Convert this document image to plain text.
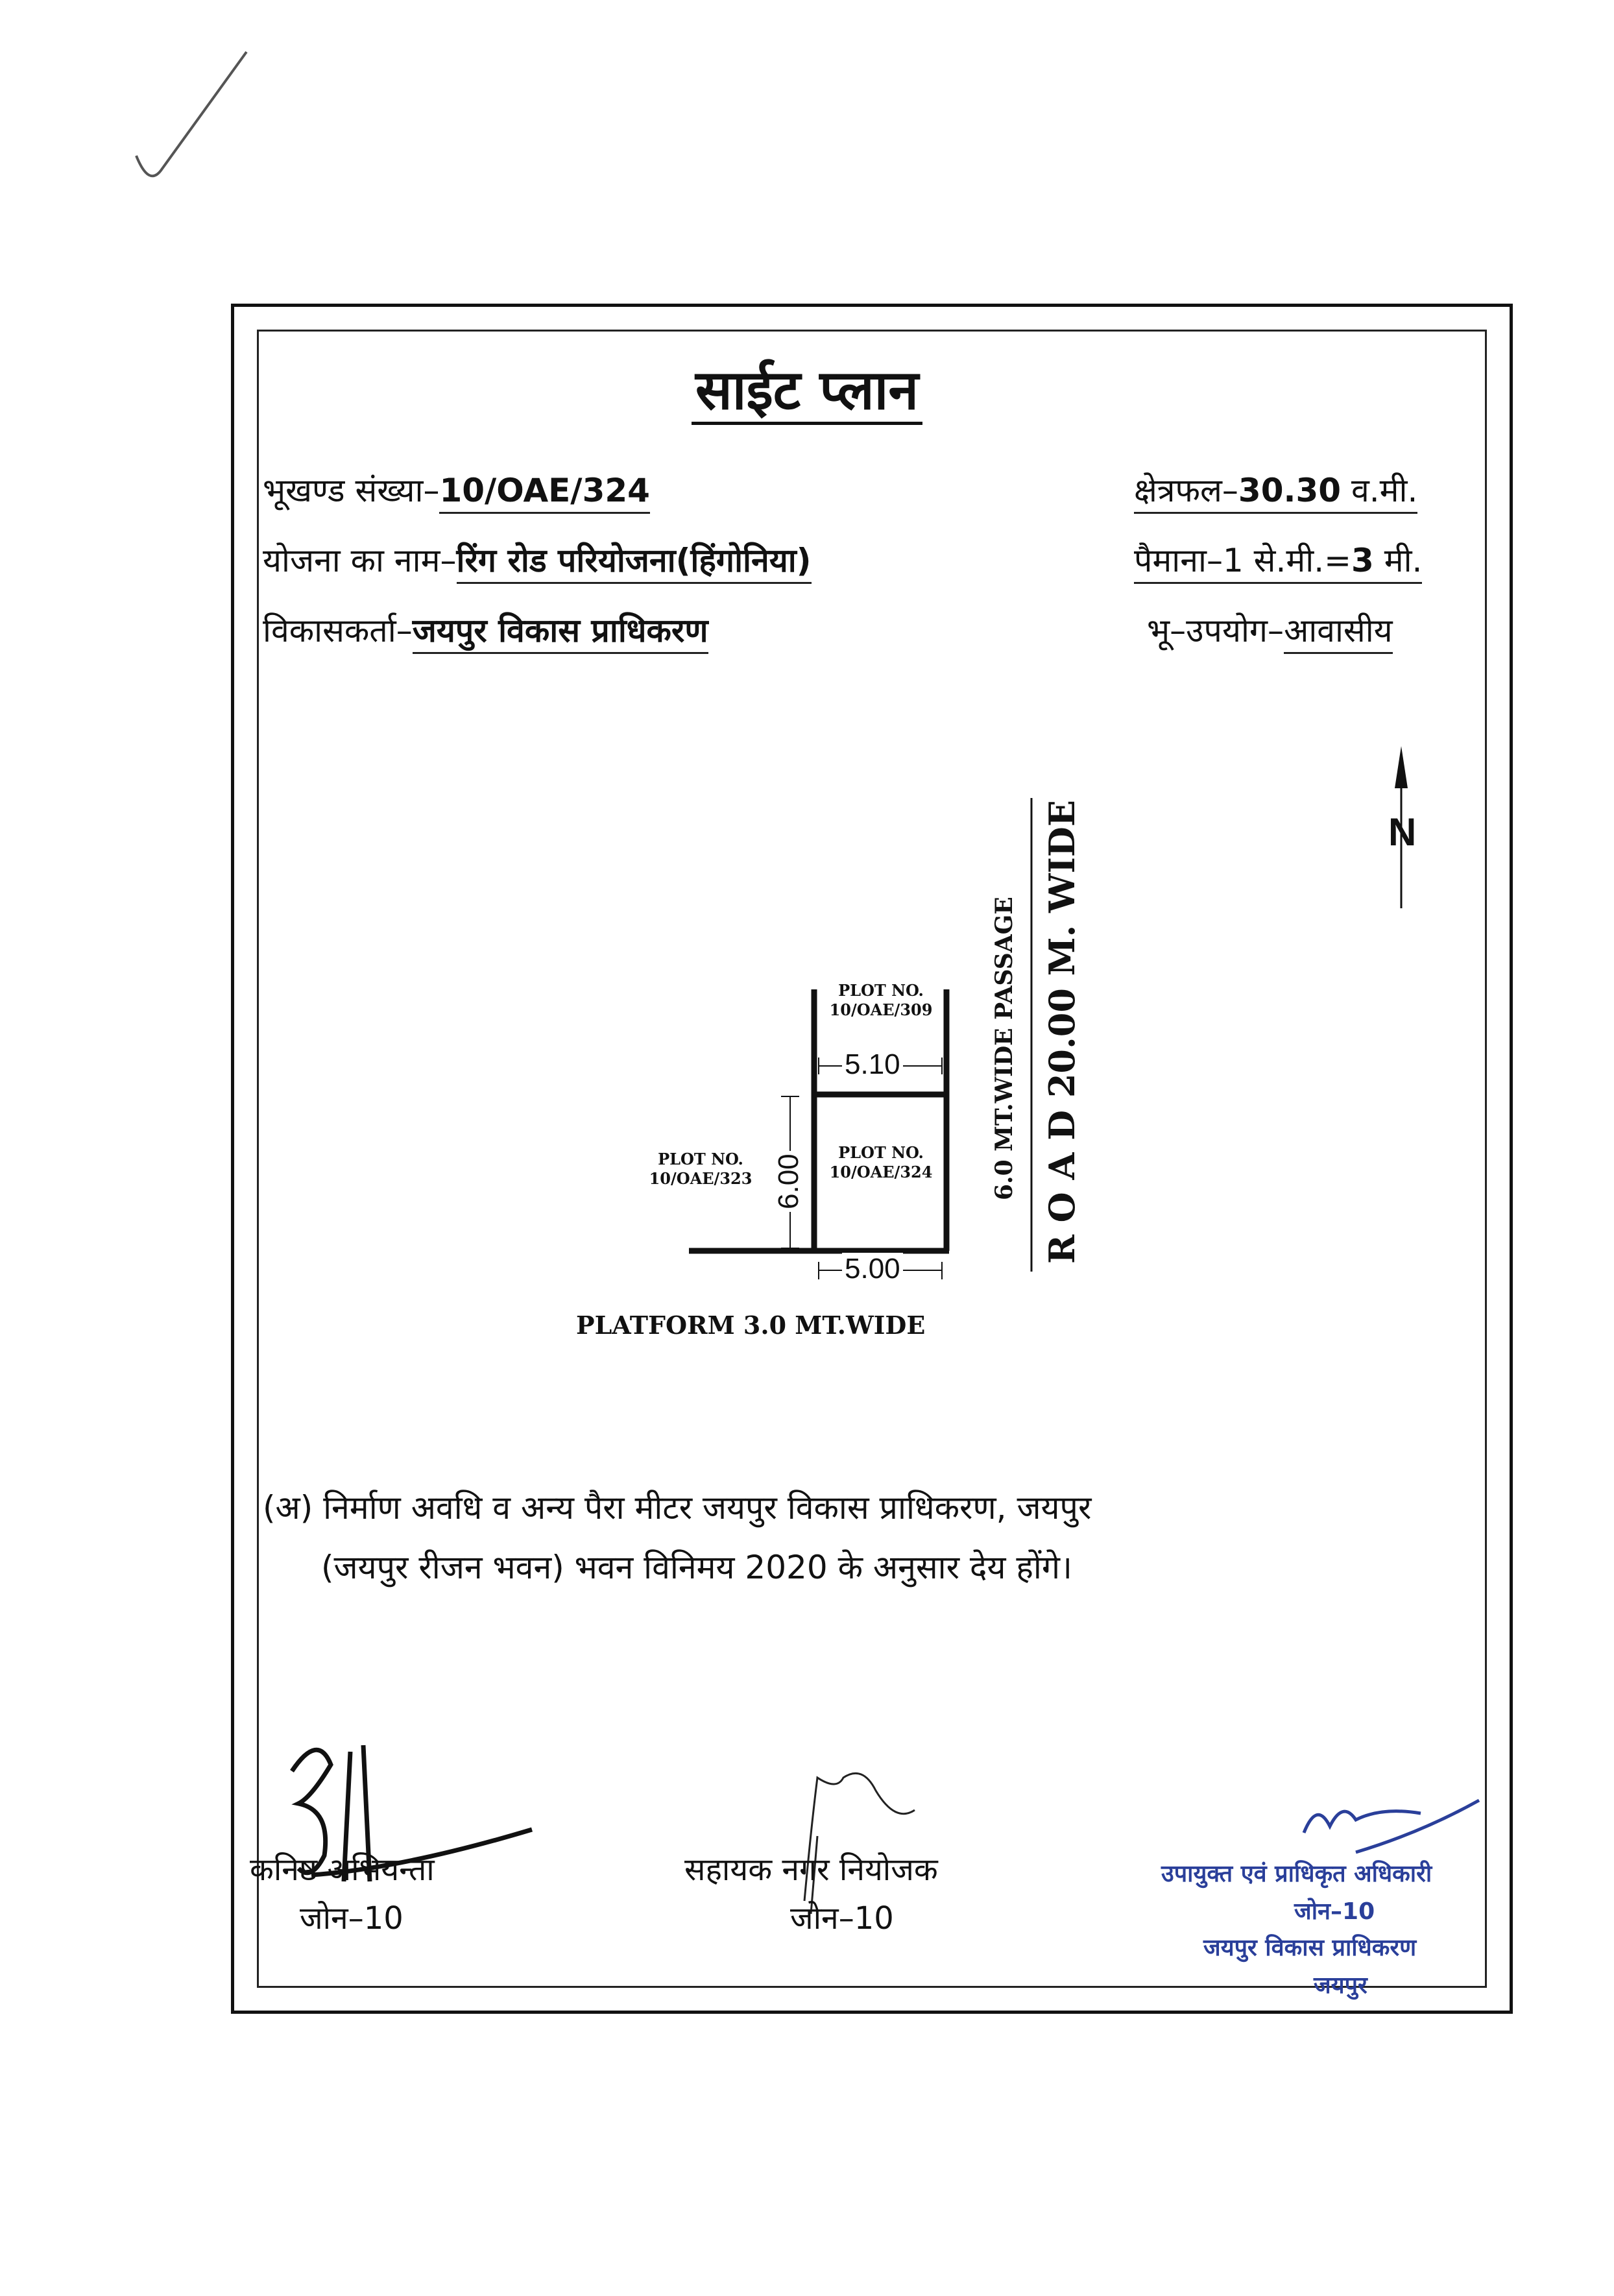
साईट प्लान
भूखण्ड संख्या–10/OAE/324	क्षेत्रफल–30.30 व.मी.
योजना का नाम–रिंग रोड परियोजना(हिंगोनिया)	पैमाना–1 से.मी.=3 मी.
विकासकर्ता–जयपुर विकास प्राधिकरण	भू–उपयोग–आवासीय
N
PLOT NO.
10/OAE/309
PLOT NO.
10/OAE/323
PLOT NO.
10/OAE/324
5.10
5.00
6.00	6.0 MT.WIDE PASSAGE R O A D 20.00 M. WIDE
PLATFORM 3.0 MT.WIDE
(अ) निर्माण अवधि व अन्य पैरा मीटर जयपुर विकास प्राधिकरण, जयपुर
(जयपुर रीजन भवन) भवन विनिमय 2020 के अनुसार देय होंगे।
कनिष्ठ अभियन्ता
जोन–10
सहायक नगर नियोजक
जोन–10
उपायुक्त एवं प्राधिकृत अधिकारी
जोन–10
जयपुर विकास प्राधिकरण
जयपुर
